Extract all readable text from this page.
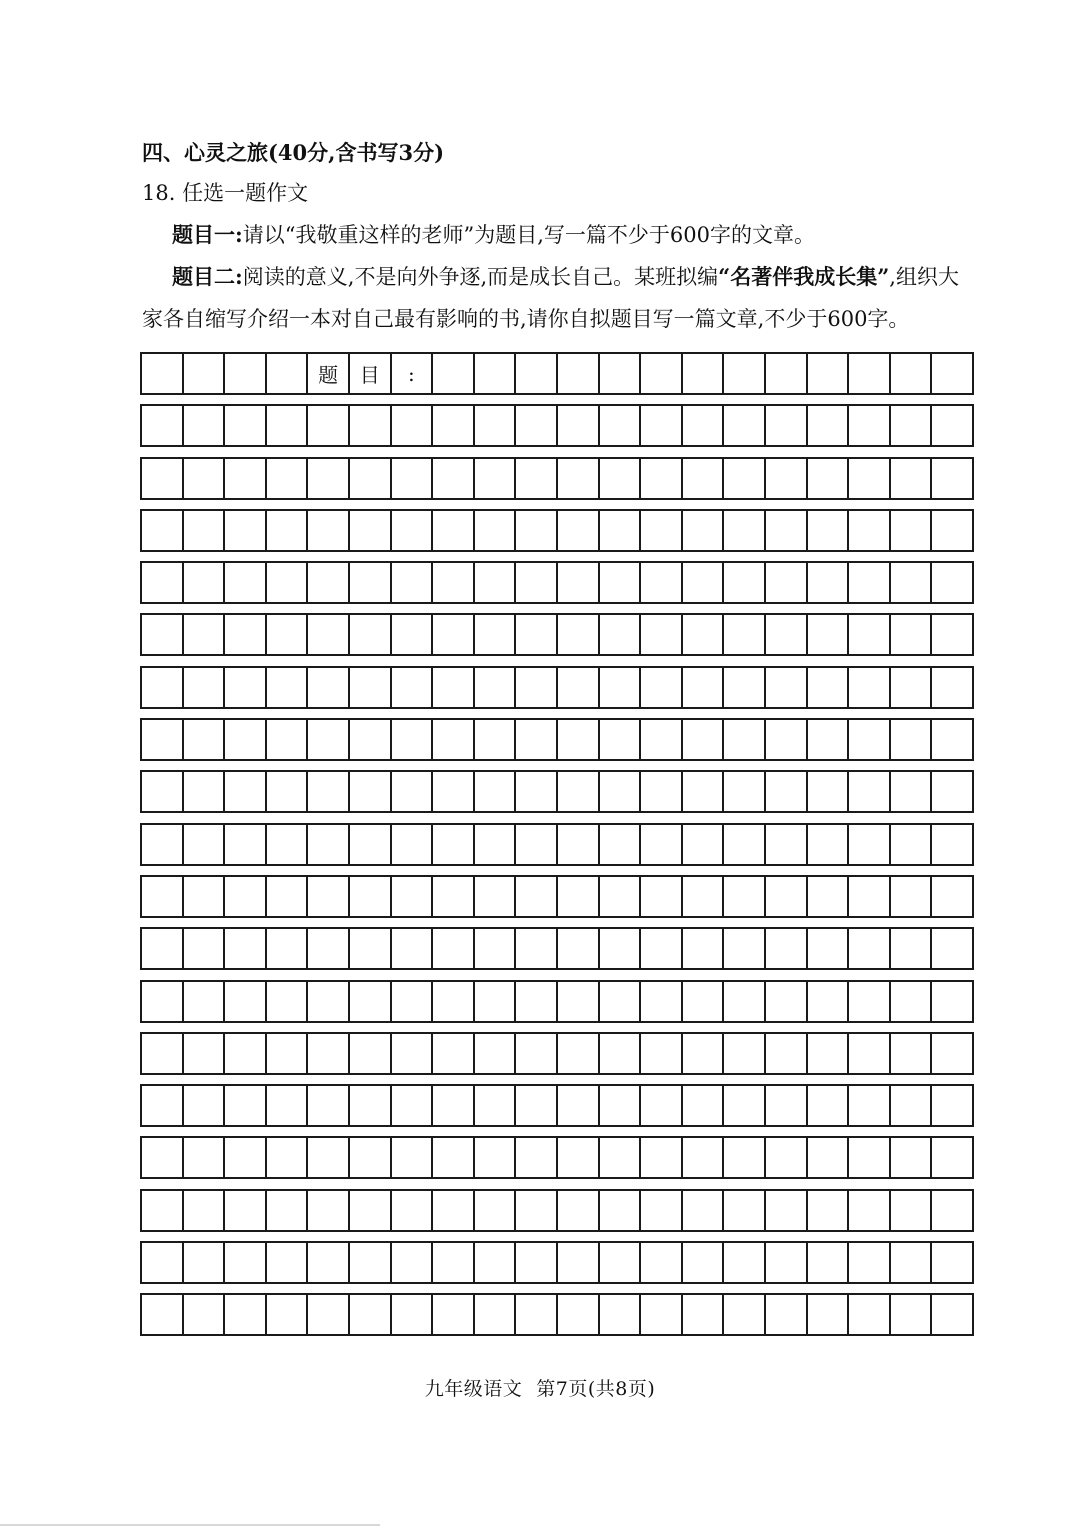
四、心灵之旅(40分,含书写3分)
18. 任选一题作文
题目一:请以“我敬重这样的老师”为题目,写一篇不少于600字的文章。
题目二:阅读的意义,不是向外争逐,而是成长自己。某班拟编“名著伴我成长集”,组织大
家各自缩写介绍一本对自己最有影响的书,请你自拟题目写一篇文章,不少于600字。
题	目	:
九年级语文 第7页(共8页)
